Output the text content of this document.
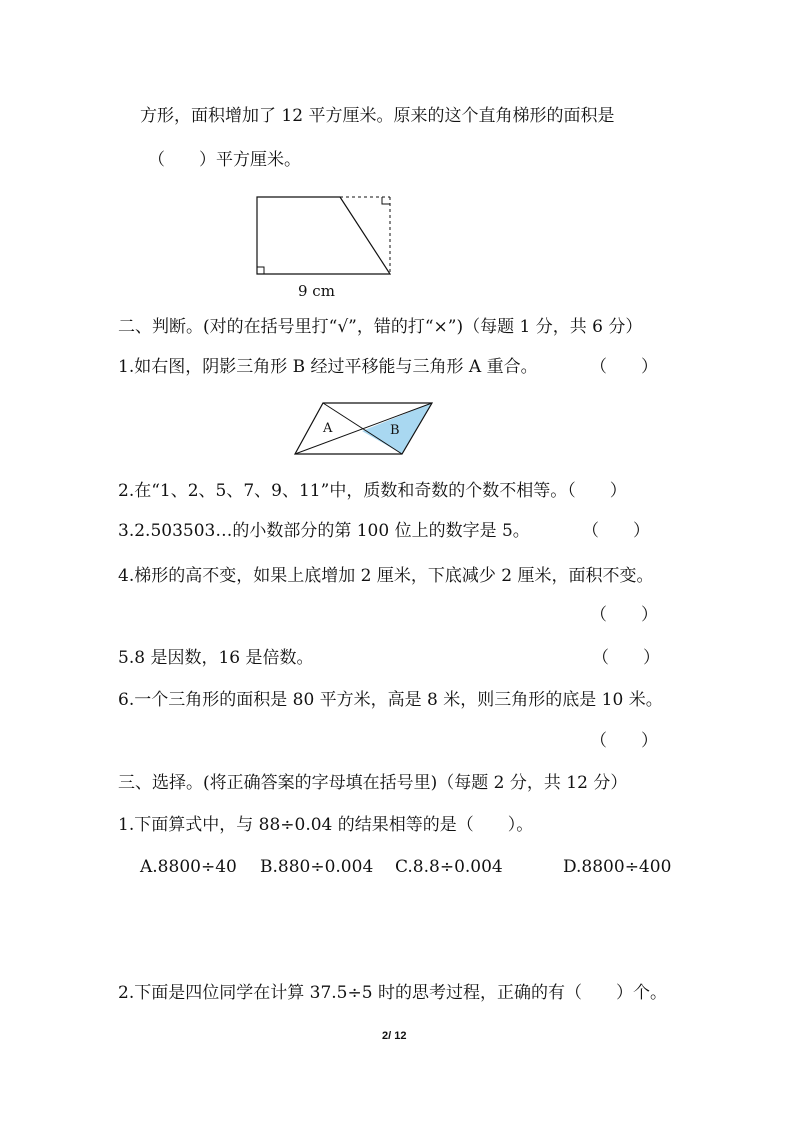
方形，面积增加了 12 平方厘米。原来的这个直角梯形的面积是
（　　）平方厘米。
9 cm
二、判断。(对的在括号里打“√”，错的打“×”)（每题 1 分，共 6 分）
1.如右图，阴影三角形 B 经过平移能与三角形 A 重合。	（　　）
A	B
2.在“1、2、5、7、9、11”中，质数和奇数的个数不相等。（　　）
3.2.503503…的小数部分的第 100 位上的数字是 5。	（　　）
4.梯形的高不变，如果上底增加 2 厘米，下底减少 2 厘米，面积不变。
（　　）
5.8 是因数，16 是倍数。	（　　）
6.一个三角形的面积是 80 平方米，高是 8 米，则三角形的底是 10 米。
（　　）
三、选择。(将正确答案的字母填在括号里)（每题 2 分，共 12 分）
1.下面算式中，与 88÷0.04 的结果相等的是（　　）。
A.8800÷40 B.880÷0.004 C.8.8÷0.004	D.8800÷400
2.下面是四位同学在计算 37.5÷5 时的思考过程，正确的有（　　）个。
2/ 12
